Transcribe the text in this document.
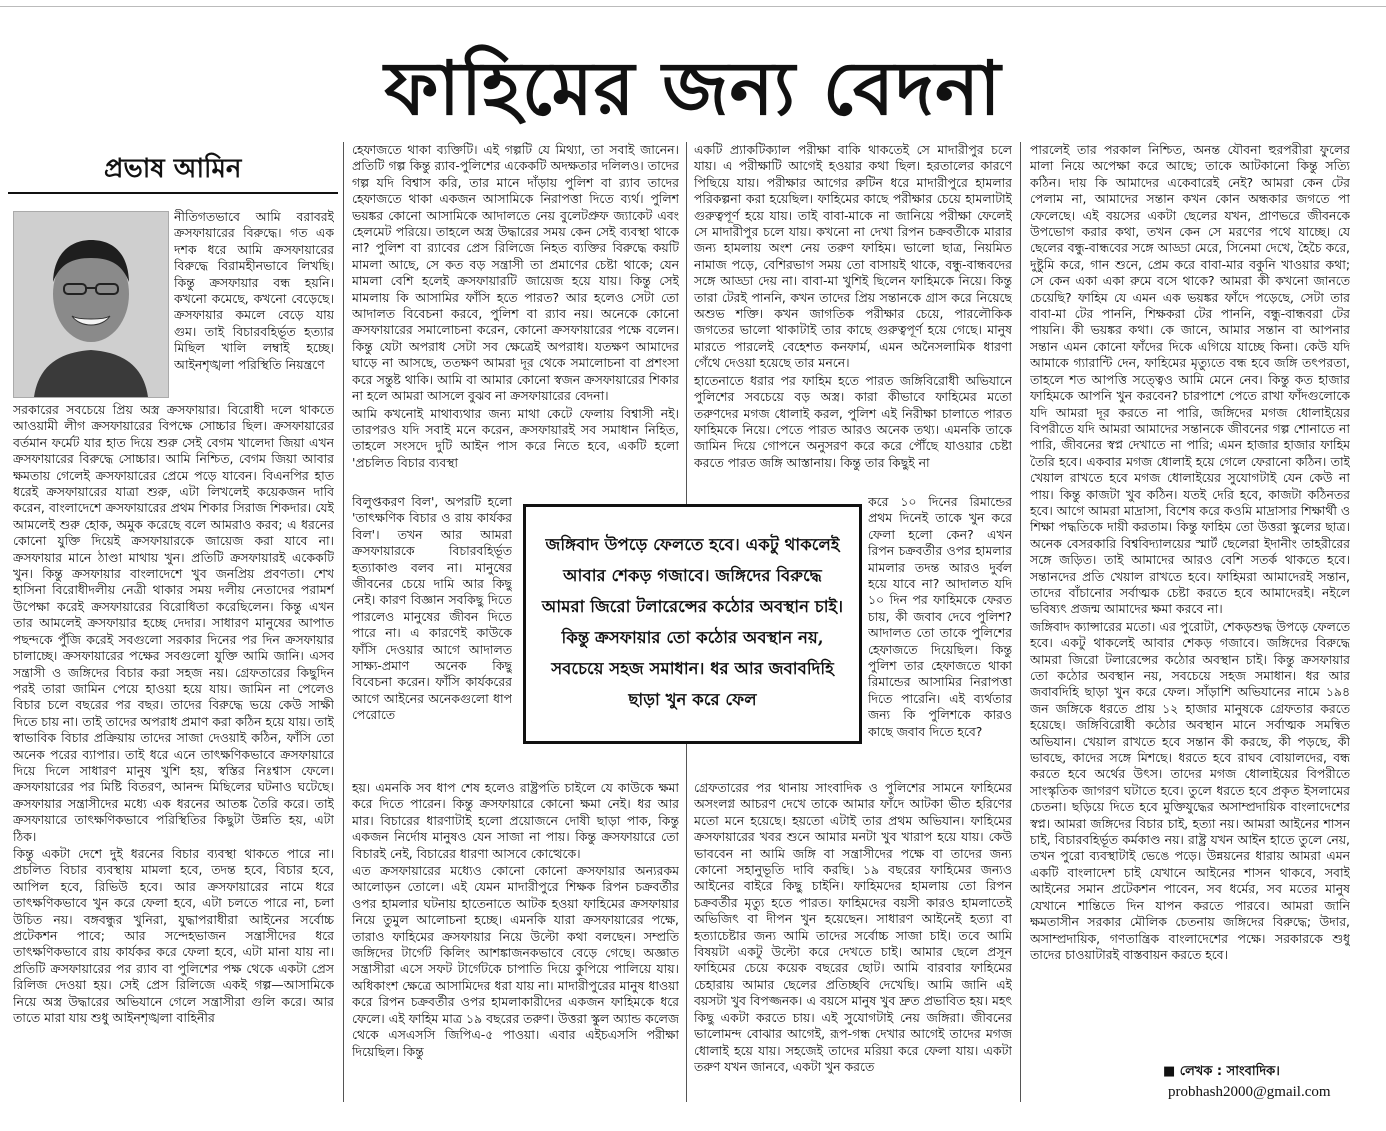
ফাহিমের জন্য বেদনা
প্রভাষ আমিন

নীতিগতভাবে আমি বরাবরই ক্রসফায়ারের বিরুদ্ধে। গত এক দশক ধরে আমি ক্রসফায়ারের বিরুদ্ধে বিরামহীনভাবে লিখছি। কিন্তু ক্রসফায়ার বন্ধ হয়নি। কখনো কমেছে, কখনো বেড়েছে। ক্রসফায়ার কমলে বেড়ে যায় গুম। তাই বিচারবহির্ভূত হত্যার মিছিল খালি লম্বাই হচ্ছে। আইনশৃঙ্খলা পরিস্থিতি নিয়ন্ত্রণে

সরকারের সবচেয়ে প্রিয় অস্ত্র ক্রসফায়ার। বিরোধী দলে থাকতে আওয়ামী লীগ ক্রসফায়ারের বিপক্ষে সোচ্চার ছিল। ক্রসফায়ারের বর্তমান ফর্মেট যার হাত দিয়ে শুরু সেই বেগম খালেদা জিয়া এখন ক্রসফায়ারের বিরুদ্ধে সোচ্চার। আমি নিশ্চিত, বেগম জিয়া আবার ক্ষমতায় গেলেই ক্রসফায়ারের প্রেমে পড়ে যাবেন। বিএনপির হাত ধরেই ক্রসফায়ারের যাত্রা শুরু, এটা লিখলেই কয়েকজন দাবি করেন, বাংলাদেশে ক্রসফায়ারের প্রথম শিকার সিরাজ শিকদার। যেই আমলেই শুরু হোক, অমুক করেছে বলে আমরাও করব; এ ধরনের কোনো যুক্তি দিয়েই ক্রসফায়ারকে জায়েজ করা যাবে না। ক্রসফায়ার মানে ঠাণ্ডা মাথায় খুন। প্রতিটি ক্রসফায়ারই একেকটি খুন। কিন্তু ক্রসফায়ার বাংলাদেশে খুব জনপ্রিয় প্রবণতা। শেখ হাসিনা বিরোধীদলীয় নেত্রী থাকার সময় দলীয় নেতাদের পরামর্শ উপেক্ষা করেই ক্রসফায়ারের বিরোধিতা করেছিলেন। কিন্তু এখন তার আমলেই ক্রসফায়ার হচ্ছে দেদার। সাধারণ মানুষের আপাত পছন্দকে পুঁজি করেই সবগুলো সরকার দিনের পর দিন ক্রসফায়ার চালাচ্ছে। ক্রসফায়ারের পক্ষের সবগুলো যুক্তি আমি জানি। এসব সন্ত্রাসী ও জঙ্গিদের বিচার করা সহজ নয়। গ্রেফতারের কিছুদিন পরই তারা জামিন পেয়ে হাওয়া হয়ে যায়। জামিন না পেলেও বিচার চলে বছরের পর বছর। তাদের বিরুদ্ধে ভয়ে কেউ সাক্ষী দিতে চায় না। তাই তাদের অপরাধ প্রমাণ করা কঠিন হয়ে যায়। তাই স্বাভাবিক বিচার প্রক্রিয়ায় তাদের সাজা দেওয়াই কঠিন, ফাঁসি তো অনেক পরের ব্যাপার। তাই ধরে এনে তাৎক্ষণিকভাবে ক্রসফায়ারে দিয়ে দিলে সাধারণ মানুষ খুশি হয়, স্বস্তির নিঃশ্বাস ফেলে। ক্রসফায়ারের পর মিষ্টি বিতরণ, আনন্দ মিছিলের ঘটনাও ঘটেছে। ক্রসফায়ার সন্ত্রাসীদের মধ্যে এক ধরনের আতঙ্ক তৈরি করে। তাই ক্রসফায়ারে তাৎক্ষণিকভাবে পরিস্থিতির কিছুটা উন্নতি হয়, এটা ঠিক।

কিন্তু একটা দেশে দুই ধরনের বিচার ব্যবস্থা থাকতে পারে না। প্রচলিত বিচার ব্যবস্থায় মামলা হবে, তদন্ত হবে, বিচার হবে, আপিল হবে, রিভিউ হবে। আর ক্রসফায়ারের নামে ধরে তাৎক্ষণিকভাবে খুন করে ফেলা হবে, এটা চলতে পারে না, চলা উচিত নয়। বঙ্গবন্ধুর খুনিরা, যুদ্ধাপরাধীরা আইনের সর্বোচ্চ প্রটেকশন পাবে; আর সন্দেহভাজন সন্ত্রাসীদের ধরে তাৎক্ষণিকভাবে রায় কার্যকর করে ফেলা হবে, এটা মানা যায় না। প্রতিটি ক্রসফায়ারের পর র‍্যাব বা পুলিশের পক্ষ থেকে একটা প্রেস রিলিজ দেওয়া হয়। সেই প্রেস রিলিজে একই গল্প—আসামিকে নিয়ে অস্ত্র উদ্ধারের অভিযানে গেলে সন্ত্রাসীরা গুলি করে। আর তাতে মারা যায় শুধু আইনশৃঙ্খলা বাহিনীর

হেফাজতে থাকা ব্যক্তিটি। এই গল্পটি যে মিথ্যা, তা সবাই জানেন। প্রতিটি গল্প কিন্তু র‍্যাব-পুলিশের একেকটি অদক্ষতার দলিলও। তাদের গল্প যদি বিশ্বাস করি, তার মানে দাঁড়ায় পুলিশ বা র‍্যাব তাদের হেফাজতে থাকা একজন আসামিকে নিরাপত্তা দিতে ব্যর্থ। পুলিশ ভয়ঙ্কর কোনো আসামিকে আদালতে নেয় বুলেটপ্রুফ জ্যাকেট এবং হেলমেট পরিয়ে। তাহলে অস্ত্র উদ্ধারের সময় কেন সেই ব্যবস্থা থাকে না? পুলিশ বা র‍্যাবের প্রেস রিলিজে নিহত ব্যক্তির বিরুদ্ধে কয়টি মামলা আছে, সে কত বড় সন্ত্রাসী তা প্রমাণের চেষ্টা থাকে; যেন মামলা বেশি হলেই ক্রসফায়ারটি জায়েজ হয়ে যায়। কিন্তু সেই মামলায় কি আসামির ফাঁসি হতে পারত? আর হলেও সেটা তো আদালত বিবেচনা করবে, পুলিশ বা র‍্যাব নয়। অনেকে কোনো ক্রসফায়ারের সমালোচনা করেন, কোনো ক্রসফায়ারের পক্ষে বলেন। কিন্তু যেটা অপরাধ সেটা সব ক্ষেত্রেই অপরাধ। যতক্ষণ আমাদের ঘাড়ে না আসছে, ততক্ষণ আমরা দূর থেকে সমালোচনা বা প্রশংসা করে সন্তুষ্ট থাকি। আমি বা আমার কোনো স্বজন ক্রসফায়ারের শিকার না হলে আমরা আসলে বুঝব না ক্রসফায়ারের বেদনা।

আমি কখনোই মাথাব্যথার জন্য মাথা কেটে ফেলায় বিশ্বাসী নই। তারপরও যদি সবাই মনে করেন, ক্রসফায়ারই সব সমাধান নিহিত, তাহলে সংসদে দুটি আইন পাস করে নিতে হবে, একটি হলো 'প্রচলিত বিচার ব্যবস্থা

বিলুপ্তকরণ বিল', অপরটি হলো 'তাৎক্ষণিক বিচার ও রায় কার্যকর বিল'। তখন আর আমরা ক্রসফায়ারকে বিচারবহির্ভূত হত্যাকাণ্ড বলব না। মানুষের জীবনের চেয়ে দামি আর কিছু নেই। কারণ বিজ্ঞান সবকিছু দিতে পারলেও মানুষের জীবন দিতে পারে না। এ কারণেই কাউকে ফাঁসি দেওয়ার আগে আদালত সাক্ষ্য-প্রমাণ অনেক কিছু বিবেচনা করেন। ফাঁসি কার্যকরের আগে আইনের অনেকগুলো ধাপ পেরোতে

হয়। এমনকি সব ধাপ শেষ হলেও রাষ্ট্রপতি চাইলে যে কাউকে ক্ষমা করে দিতে পারেন। কিন্তু ক্রসফায়ারে কোনো ক্ষমা নেই। ধর আর মার। বিচারের ধারণাটাই হলো প্রয়োজনে দোষী ছাড়া পাক, কিন্তু একজন নির্দোষ মানুষও যেন সাজা না পায়। কিন্তু ক্রসফায়ারে তো বিচারই নেই, বিচারের ধারণা আসবে কোত্থেকে।

এত ক্রসফায়ারের মধ্যেও কোনো কোনো ক্রসফায়ার অন্যরকম আলোড়ন তোলে। এই যেমন মাদারীপুরে শিক্ষক রিপন চক্রবর্তীর ওপর হামলার ঘটনায় হাতেনাতে আটক হওয়া ফাহিমের ক্রসফায়ার নিয়ে তুমুল আলোচনা হচ্ছে। এমনকি যারা ক্রসফায়ারের পক্ষে, তারাও ফাহিমের ক্রসফায়ার নিয়ে উল্টো কথা বলছেন। সম্প্রতি জঙ্গিদের টার্গেট কিলিং আশঙ্কাজনকভাবে বেড়ে গেছে। অজ্ঞাত সন্ত্রাসীরা এসে সফট টার্গেটকে চাপাতি দিয়ে কুপিয়ে পালিয়ে যায়। অধিকাংশ ক্ষেত্রে আসামিদের ধরা যায় না। মাদারীপুরের মানুষ ধাওয়া করে রিপন চক্রবর্তীর ওপর হামলাকারীদের একজন ফাহিমকে ধরে ফেলে। এই ফাহিম মাত্র ১৯ বছরের তরুণ। উত্তরা স্কুল অ্যান্ড কলেজ থেকে এসএসসি জিপিএ-৫ পাওয়া। এবার এইচএসসি পরীক্ষা দিয়েছিল। কিন্তু

একটি প্র্যাকটিক্যাল পরীক্ষা বাকি থাকতেই সে মাদারীপুর চলে যায়। এ পরীক্ষাটি আগেই হওয়ার কথা ছিল। হরতালের কারণে পিছিয়ে যায়। পরীক্ষার আগের রুটিন ধরে মাদারীপুরে হামলার পরিকল্পনা করা হয়েছিল। ফাহিমের কাছে পরীক্ষার চেয়ে হামলাটাই গুরুত্বপূর্ণ হয়ে যায়। তাই বাবা-মাকে না জানিয়ে পরীক্ষা ফেলেই সে মাদারীপুর চলে যায়। কখনো না দেখা রিপন চক্রবর্তীকে মারার জন্য হামলায় অংশ নেয় তরুণ ফাহিম। ভালো ছাত্র, নিয়মিত নামাজ পড়ে, বেশিরভাগ সময় তো বাসায়ই থাকে, বন্ধু-বান্ধবদের সঙ্গে আড্ডা দেয় না। বাবা-মা খুশিই ছিলেন ফাহিমকে নিয়ে। কিন্তু তারা টেরই পাননি, কখন তাদের প্রিয় সন্তানকে গ্রাস করে নিয়েছে অশুভ শক্তি। কখন জাগতিক পরীক্ষার চেয়ে, পারলৌকিক জগতের ভালো থাকাটাই তার কাছে গুরুত্বপূর্ণ হয়ে গেছে। মানুষ মারতে পারলেই বেহেশত কনফার্ম, এমন অনৈসলামিক ধারণা গেঁথে দেওয়া হয়েছে তার মননে।

হাতেনাতে ধরার পর ফাহিম হতে পারত জঙ্গিবিরোধী অভিযানে পুলিশের সবচেয়ে বড় অস্ত্র। কারা কীভাবে ফাহিমের মতো তরুণদের মগজ ধোলাই করল, পুলিশ এই নিরীক্ষা চালাতে পারত ফাহিমকে নিয়ে। পেতে পারত আরও অনেক তথ্য। এমনকি তাকে জামিন দিয়ে গোপনে অনুসরণ করে করে পৌঁছে যাওয়ার চেষ্টা করতে পারত জঙ্গি আস্তানায়। কিন্তু তার কিছুই না

করে ১০ দিনের রিমান্ডের প্রথম দিনেই তাকে খুন করে ফেলা হলো কেন? এখন রিপন চক্রবর্তীর ওপর হামলার মামলার তদন্ত আরও দুর্বল হয়ে যাবে না? আদালত যদি ১০ দিন পর ফাহিমকে ফেরত চায়, কী জবাব দেবে পুলিশ? আদালত তো তাকে পুলিশের হেফাজতে দিয়েছিল। কিন্তু পুলিশ তার হেফাজতে থাকা রিমান্ডের আসামির নিরাপত্তা দিতে পারেনি। এই ব্যর্থতার জন্য কি পুলিশকে কারও কাছে জবাব দিতে হবে?

গ্রেফতারের পর থানায় সাংবাদিক ও পুলিশের সামনে ফাহিমের অসংলগ্ন আচরণ দেখে তাকে আমার ফাঁদে আটকা ভীত হরিণের মতো মনে হয়েছে। হয়তো এটাই তার প্রথম অভিযান। ফাহিমের ক্রসফায়ারের খবর শুনে আমার মনটা খুব খারাপ হয়ে যায়। কেউ ভাববেন না আমি জঙ্গি বা সন্ত্রাসীদের পক্ষে বা তাদের জন্য কোনো সহানুভূতি দাবি করছি। ১৯ বছরের ফাহিমের জন্যও আইনের বাইরে কিছু চাইনি। ফাহিমদের হামলায় তো রিপন চক্রবর্তীর মৃত্যু হতে পারত। ফাহিমদের বয়সী কারও হামলাতেই অভিজিৎ বা দীপন খুন হয়েছেন। সাধারণ আইনেই হত্যা বা হত্যাচেষ্টার জন্য আমি তাদের সর্বোচ্চ সাজা চাই। তবে আমি বিষয়টা একটু উল্টো করে দেখতে চাই। আমার ছেলে প্রসূন ফাহিমের চেয়ে কয়েক বছরের ছোট। আমি বারবার ফাহিমের চেহারায় আমার ছেলের প্রতিচ্ছবি দেখেছি। আমি জানি এই বয়সটা খুব বিপজ্জনক। এ বয়সে মানুষ খুব দ্রুত প্রভাবিত হয়। মহৎ কিছু একটা করতে চায়। এই সুযোগটাই নেয় জঙ্গিরা। জীবনের ভালোমন্দ বোঝার আগেই, রূপ-গন্ধ দেখার আগেই তাদের মগজ ধোলাই হয়ে যায়। সহজেই তাদের মরিয়া করে ফেলা যায়। একটা তরুণ যখন জানবে, একটা খুন করতে

পারলেই তার পরকাল নিশ্চিত, অনন্ত যৌবনা হুরপরীরা ফুলের মালা নিয়ে অপেক্ষা করে আছে; তাকে আটকানো কিন্তু সত্যি কঠিন। দায় কি আমাদের একেবারেই নেই? আমরা কেন টের পেলাম না, আমাদের সন্তান কখন কোন অন্ধকার জগতে পা ফেলেছে। এই বয়সের একটা ছেলের যখন, প্রাণভরে জীবনকে উপভোগ করার কথা, তখন কেন সে মরণের পথে যাচ্ছে। যে ছেলের বন্ধু-বান্ধবের সঙ্গে আড্ডা মেরে, সিনেমা দেখে, হৈচৈ করে, দুষ্টুমি করে, গান শুনে, প্রেম করে বাবা-মার বকুনি খাওয়ার কথা; সে কেন একা একা রুমে বসে থাকে? আমরা কী কখনো জানতে চেয়েছি? ফাহিম যে এমন এক ভয়ঙ্কর ফাঁদে পড়েছে, সেটা তার বাবা-মা টের পাননি, শিক্ষকরা টের পাননি, বন্ধু-বান্ধবরা টের পায়নি। কী ভয়ঙ্কর কথা। কে জানে, আমার সন্তান বা আপনার সন্তান এমন কোনো ফাঁদের দিকে এগিয়ে যাচ্ছে কিনা। কেউ যদি আমাকে গ্যারান্টি দেন, ফাহিমের মৃত্যুতে বন্ধ হবে জঙ্গি তৎপরতা, তাহলে শত আপত্তি সত্ত্বেও আমি মেনে নেব। কিন্তু কত হাজার ফাহিমকে আপনি খুন করবেন? চারপাশে পেতে রাখা ফাঁদগুলোকে যদি আমরা দূর করতে না পারি, জঙ্গিদের মগজ ধোলাইয়ের বিপরীতে যদি আমরা আমাদের সন্তানকে জীবনের গল্প শোনাতে না পারি, জীবনের স্বপ্ন দেখাতে না পারি; এমন হাজার হাজার ফাহিম তৈরি হবে। একবার মগজ ধোলাই হয়ে গেলে ফেরানো কঠিন। তাই খেয়াল রাখতে হবে মগজ ধোলাইয়ের সুযোগটাই যেন কেউ না পায়। কিন্তু কাজটা খুব কঠিন। যতই দেরি হবে, কাজটা কঠিনতর হবে। আগে আমরা মাদ্রাসা, বিশেষ করে কওমি মাদ্রাসার শিক্ষার্থী ও শিক্ষা পদ্ধতিকে দায়ী করতাম। কিন্তু ফাহিম তো উত্তরা স্কুলের ছাত্র। অনেক বেসরকারি বিশ্ববিদ্যালয়ের স্মার্ট ছেলেরা ইদানীং তাহরীরের সঙ্গে জড়িত। তাই আমাদের আরও বেশি সতর্ক থাকতে হবে। সন্তানদের প্রতি খেয়াল রাখতে হবে। ফাহিমরা আমাদেরই সন্তান, তাদের বাঁচানোর সর্বাত্মক চেষ্টা করতে হবে আমাদেরই। নইলে ভবিষ্যৎ প্রজন্ম আমাদের ক্ষমা করবে না।

জঙ্গিবাদ ক্যান্সারের মতো। এর পুরোটা, শেকড়শুদ্ধ উপড়ে ফেলতে হবে। একটু থাকলেই আবার শেকড় গজাবে। জঙ্গিদের বিরুদ্ধে আমরা জিরো টলারেন্সের কঠোর অবস্থান চাই। কিন্তু ক্রসফায়ার তো কঠোর অবস্থান নয়, সবচেয়ে সহজ সমাধান। ধর আর জবাবদিহি ছাড়া খুন করে ফেল। সাঁড়াশি অভিযানের নামে ১৯৪ জন জঙ্গিকে ধরতে প্রায় ১২ হাজার মানুষকে গ্রেফতার করতে হয়েছে। জঙ্গিবিরোধী কঠোর অবস্থান মানে সর্বাত্মক সমন্বিত অভিযান। খেয়াল রাখতে হবে সন্তান কী করছে, কী পড়ছে, কী ভাবছে, কাদের সঙ্গে মিশছে। ধরতে হবে রাঘব বোয়ালদের, বন্ধ করতে হবে অর্থের উৎস। তাদের মগজ ধোলাইয়ের বিপরীতে সাংস্কৃতিক জাগরণ ঘটাতে হবে। তুলে ধরতে হবে প্রকৃত ইসলামের চেতনা। ছড়িয়ে দিতে হবে মুক্তিযুদ্ধের অসাম্প্রদায়িক বাংলাদেশের স্বপ্ন। আমরা জঙ্গিদের বিচার চাই, হত্যা নয়। আমরা আইনের শাসন চাই, বিচারবহির্ভূত কর্মকাণ্ড নয়। রাষ্ট্র যখন আইন হাতে তুলে নেয়, তখন পুরো ব্যবস্থাটাই ভেঙে পড়ে। উন্নয়নের ধারায় আমরা এমন একটি বাংলাদেশ চাই যেখানে আইনের শাসন থাকবে, সবাই আইনের সমান প্রটেকশন পাবেন, সব ধর্মের, সব মতের মানুষ যেখানে শান্তিতে দিন যাপন করতে পারবে। আমরা জানি ক্ষমতাসীন সরকার মৌলিক চেতনায় জঙ্গিদের বিরুদ্ধে; উদার, অসাম্প্রদায়িক, গণতান্ত্রিক বাংলাদেশের পক্ষে। সরকারকে শুধু তাদের চাওয়াটারই বাস্তবায়ন করতে হবে।

জঙ্গিবাদ উপড়ে ফেলতে হবে। একটু থাকলেই আবার শেকড় গজাবে। জঙ্গিদের বিরুদ্ধে আমরা জিরো টলারেন্সের কঠোর অবস্থান চাই। কিন্তু ক্রসফায়ার তো কঠোর অবস্থান নয়, সবচেয়ে সহজ সমাধান। ধর আর জবাবদিহি ছাড়া খুন করে ফেল
■ লেখক : সাংবাদিক।
probhash2000@gmail.com
